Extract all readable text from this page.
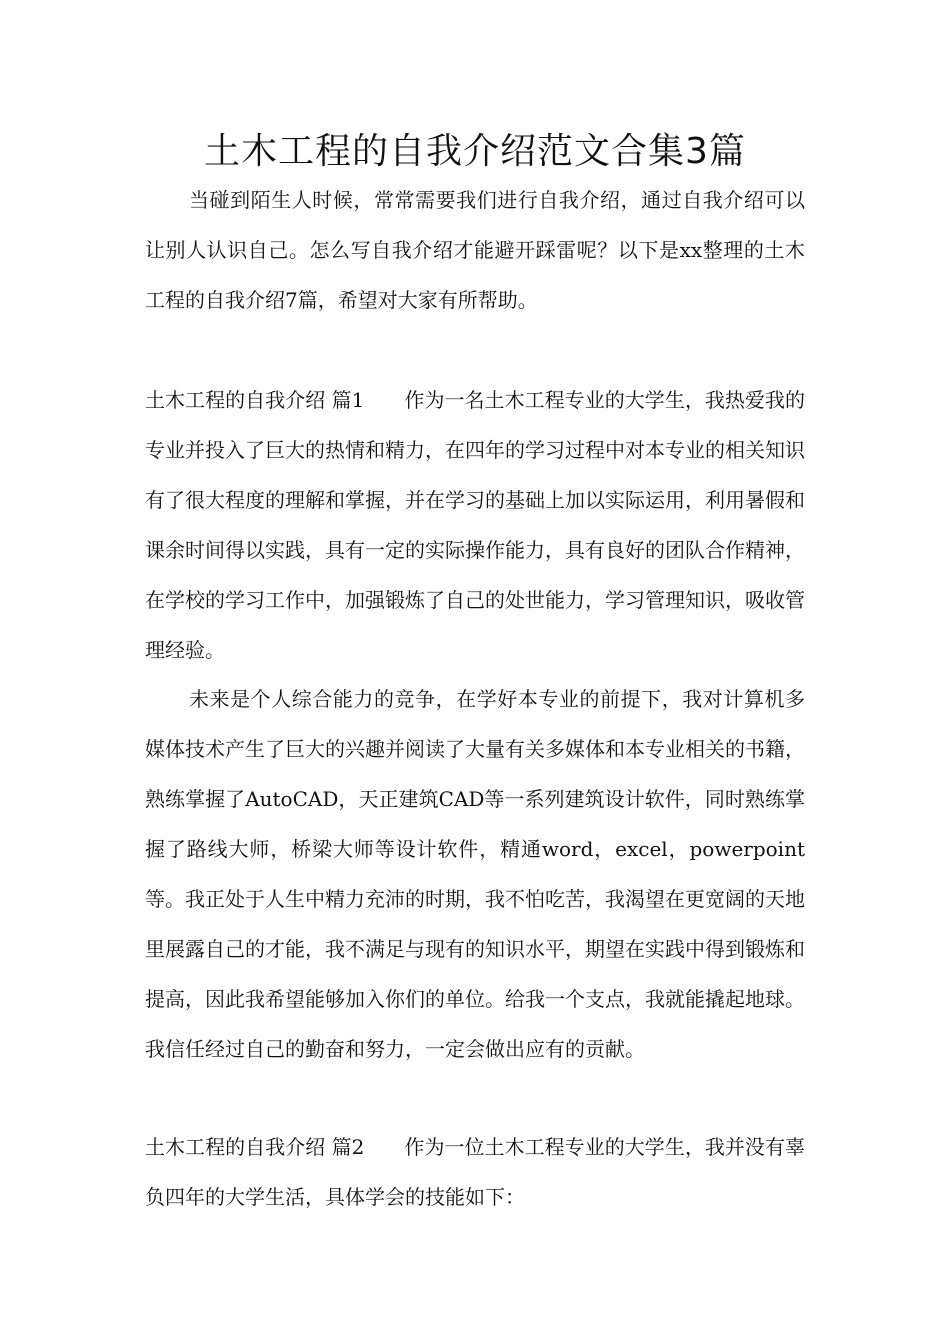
土木工程的自我介绍范文合集3篇

当碰到陌生人时候，常常需要我们进行自我介绍，通过自我介绍可以让别人认识自己。怎么写自我介绍才能避开踩雷呢？以下是xx整理的土木工程的自我介绍7篇，希望对大家有所帮助。

土木工程的自我介绍 篇1 作为一名土木工程专业的大学生，我热爱我的专业并投入了巨大的热情和精力，在四年的学习过程中对本专业的相关知识有了很大程度的理解和掌握，并在学习的基础上加以实际运用，利用暑假和课余时间得以实践，具有一定的实际操作能力，具有良好的团队合作精神，在学校的学习工作中，加强锻炼了自己的处世能力，学习管理知识，吸收管理经验。

未来是个人综合能力的竞争，在学好本专业的前提下，我对计算机多媒体技术产生了巨大的兴趣并阅读了大量有关多媒体和本专业相关的书籍，熟练掌握了AutoCAD，天正建筑CAD等一系列建筑设计软件，同时熟练掌握了路线大师，桥梁大师等设计软件，精通word，excel，powerpoint等。我正处于人生中精力充沛的时期，我不怕吃苦，我渴望在更宽阔的天地里展露自己的才能，我不满足与现有的知识水平，期望在实践中得到锻炼和提高，因此我希望能够加入你们的单位。给我一个支点，我就能撬起地球。我信任经过自己的勤奋和努力，一定会做出应有的贡献。

土木工程的自我介绍 篇2 作为一位土木工程专业的大学生，我并没有辜负四年的大学生活，具体学会的技能如下：
